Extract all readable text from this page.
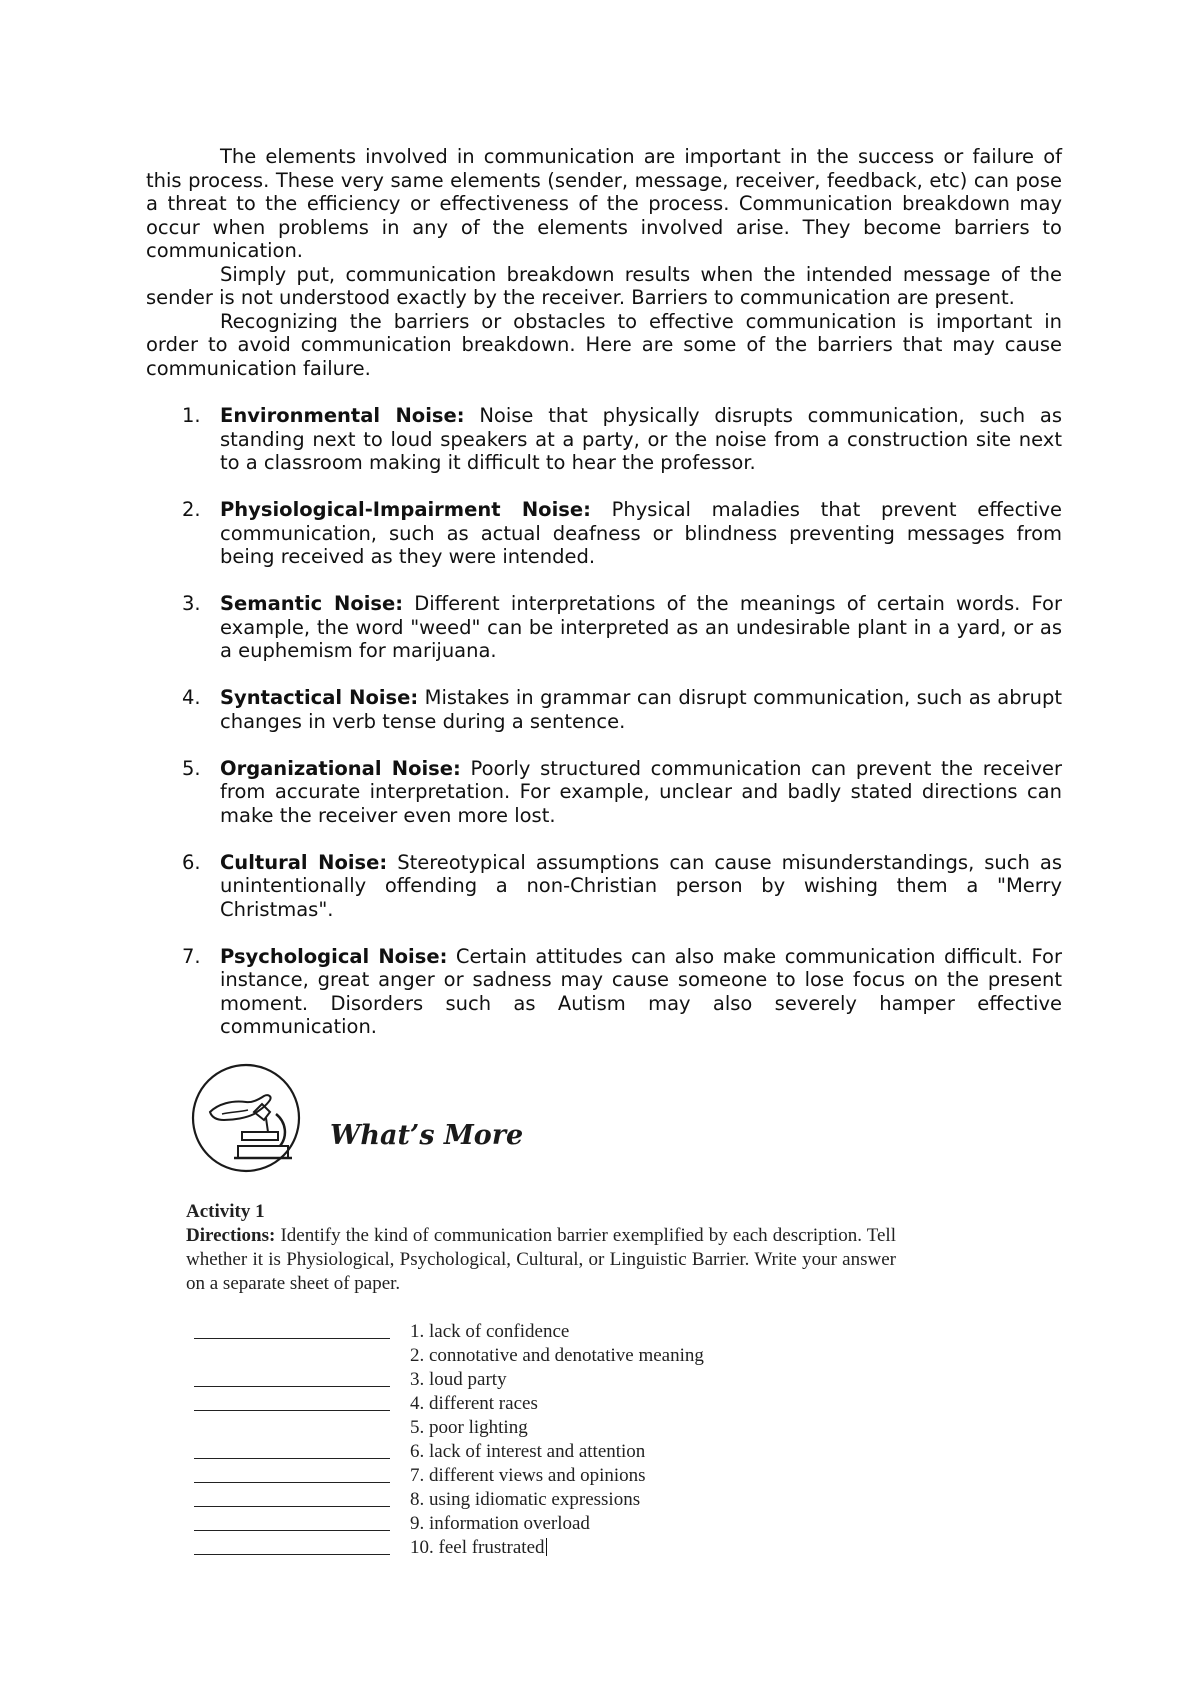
The elements involved in communication are important in the success or failure of this process. These very same elements (sender, message, receiver, feedback, etc) can pose a threat to the efficiency or effectiveness of the process. Communication breakdown may occur when problems in any of the elements involved arise. They become barriers to communication.

Simply put, communication breakdown results when the intended message of the sender is not understood exactly by the receiver. Barriers to communication are present.

Recognizing the barriers or obstacles to effective communication is important in order to avoid communication breakdown. Here are some of the barriers that may cause communication failure.

1. Environmental Noise: Noise that physically disrupts communication, such as standing next to loud speakers at a party, or the noise from a construction site next to a classroom making it difficult to hear the professor.
2. Physiological-Impairment Noise: Physical maladies that prevent effective communication, such as actual deafness or blindness preventing messages from being received as they were intended.
3. Semantic Noise: Different interpretations of the meanings of certain words. For example, the word "weed" can be interpreted as an undesirable plant in a yard, or as a euphemism for marijuana.
4. Syntactical Noise: Mistakes in grammar can disrupt communication, such as abrupt changes in verb tense during a sentence.
5. Organizational Noise: Poorly structured communication can prevent the receiver from accurate interpretation. For example, unclear and badly stated directions can make the receiver even more lost.
6. Cultural Noise: Stereotypical assumptions can cause misunderstandings, such as unintentionally offending a non-Christian person by wishing them a "Merry Christmas".
7. Psychological Noise: Certain attitudes can also make communication difficult. For instance, great anger or sadness may cause someone to lose focus on the present moment. Disorders such as Autism may also severely hamper effective communication.
What’s More

Activity 1

Directions: Identify the kind of communication barrier exemplified by each description. Tell whether it is Physiological, Psychological, Cultural, or Linguistic Barrier. Write your answer on a separate sheet of paper.

1. lack of confidence
2. connotative and denotative meaning
3. loud party
4. different races
5. poor lighting
6. lack of interest and attention
7. different views and opinions
8. using idiomatic expressions
9. information overload
10. feel frustrated
